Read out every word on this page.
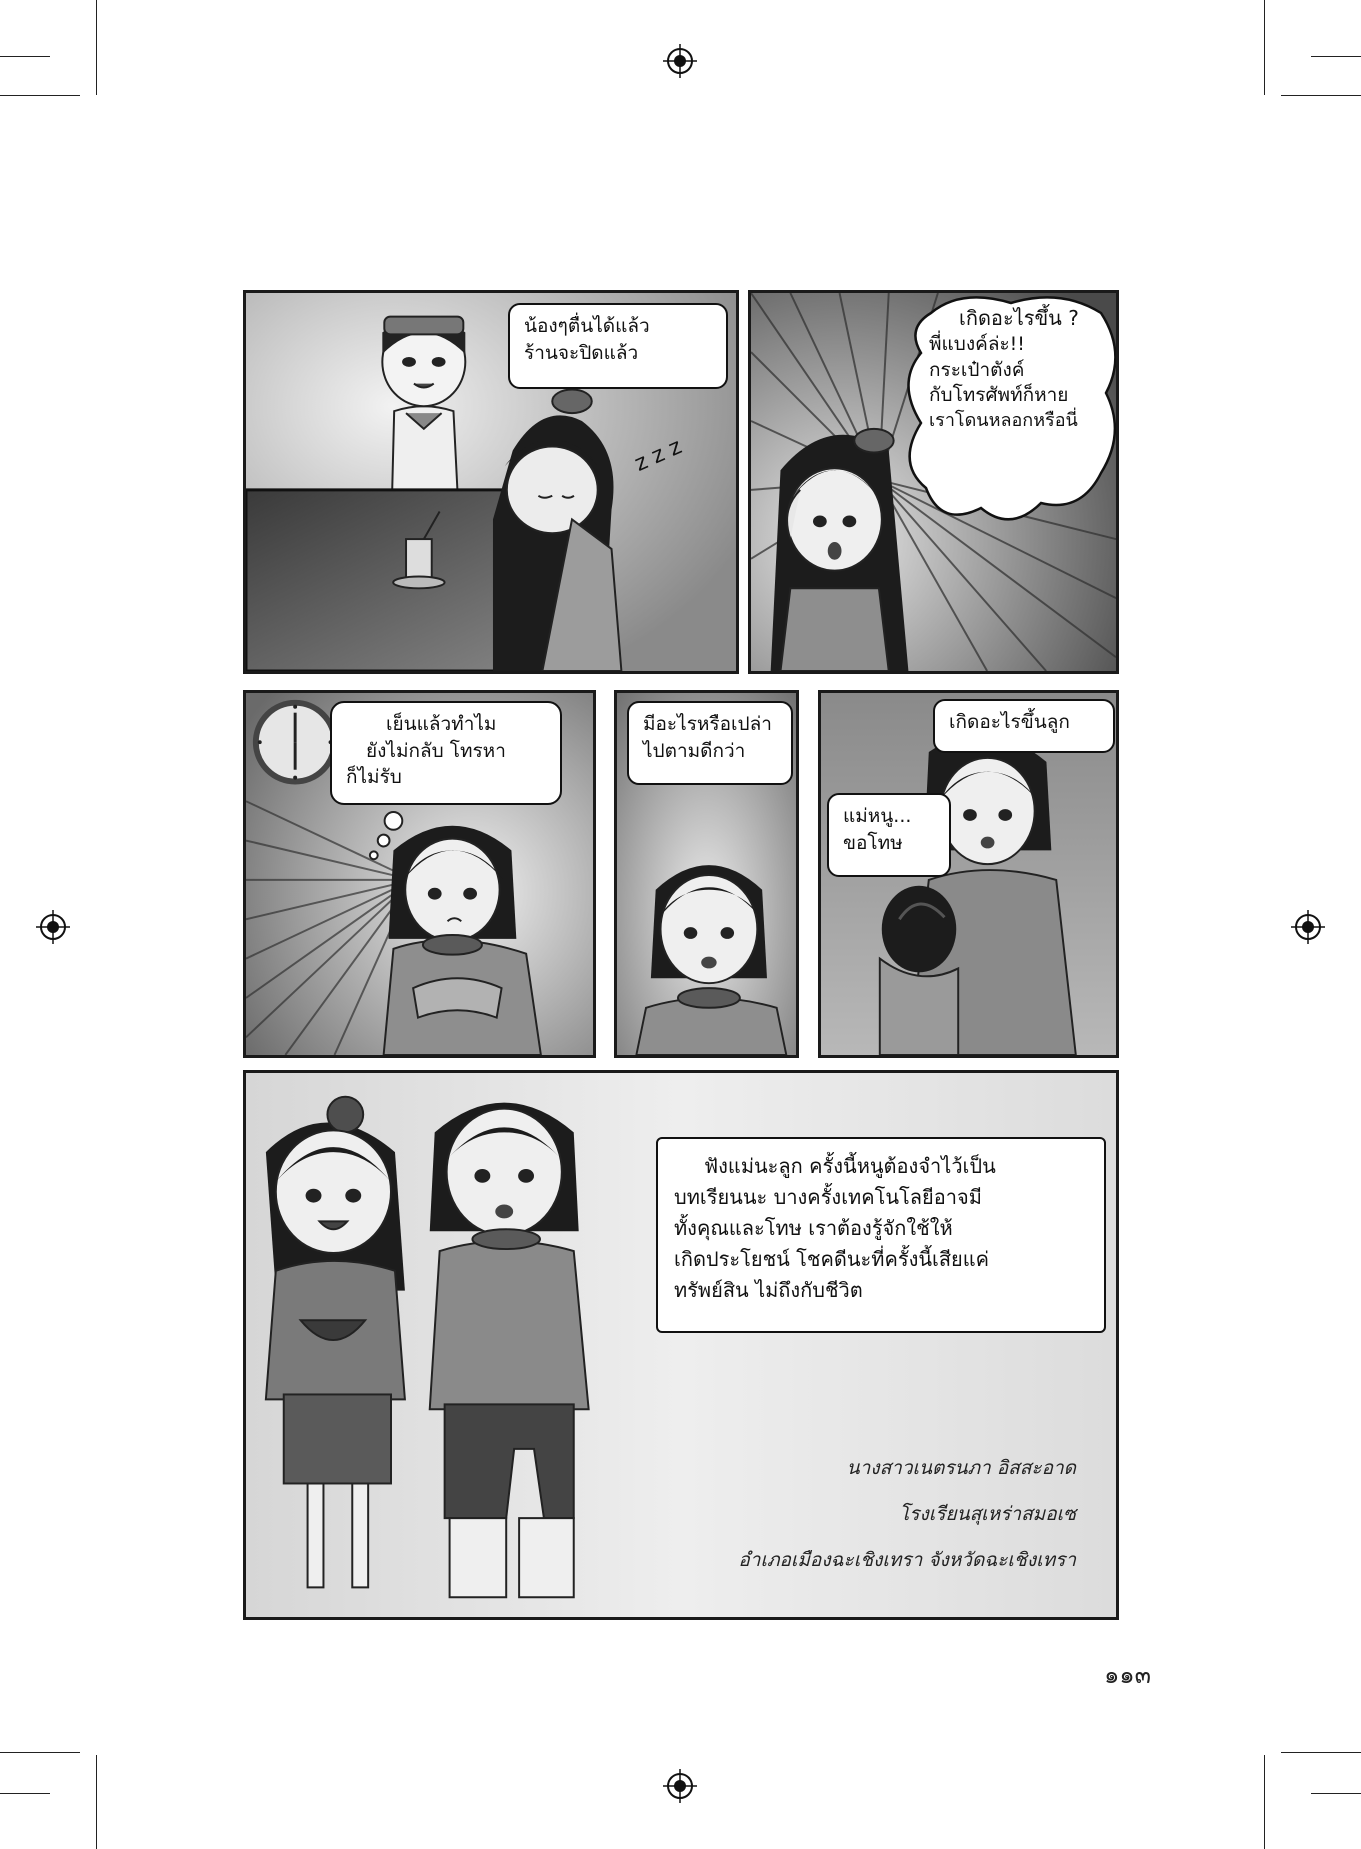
น้องๆตื่นได้แล้ว
ร้านจะปิดแล้ว
z z z
เกิดอะไรขึ้น ?
พี่แบงค์ล่ะ!!
กระเป๋าตังค์
กับโทรศัพท์ก็หาย
เราโดนหลอกหรือนี่
เย็นแล้วทำไม
ยังไม่กลับ โทรหา
ก็ไม่รับ
มีอะไรหรือเปล่า
ไปตามดีกว่า
เกิดอะไรขึ้นลูก
แม่หนู...
ขอโทษ
ฟังแม่นะลูก ครั้งนี้หนูต้องจำไว้เป็น
บทเรียนนะ บางครั้งเทคโนโลยีอาจมี
ทั้งคุณและโทษ เราต้องรู้จักใช้ให้
เกิดประโยชน์ โชคดีนะที่ครั้งนี้เสียแค่
ทรัพย์สิน ไม่ถึงกับชีวิต
นางสาวเนตรนภา อิสสะอาด
โรงเรียนสุเหร่าสมอเซ
อำเภอเมืองฉะเชิงเทรา จังหวัดฉะเชิงเทรา
๑๑๓
